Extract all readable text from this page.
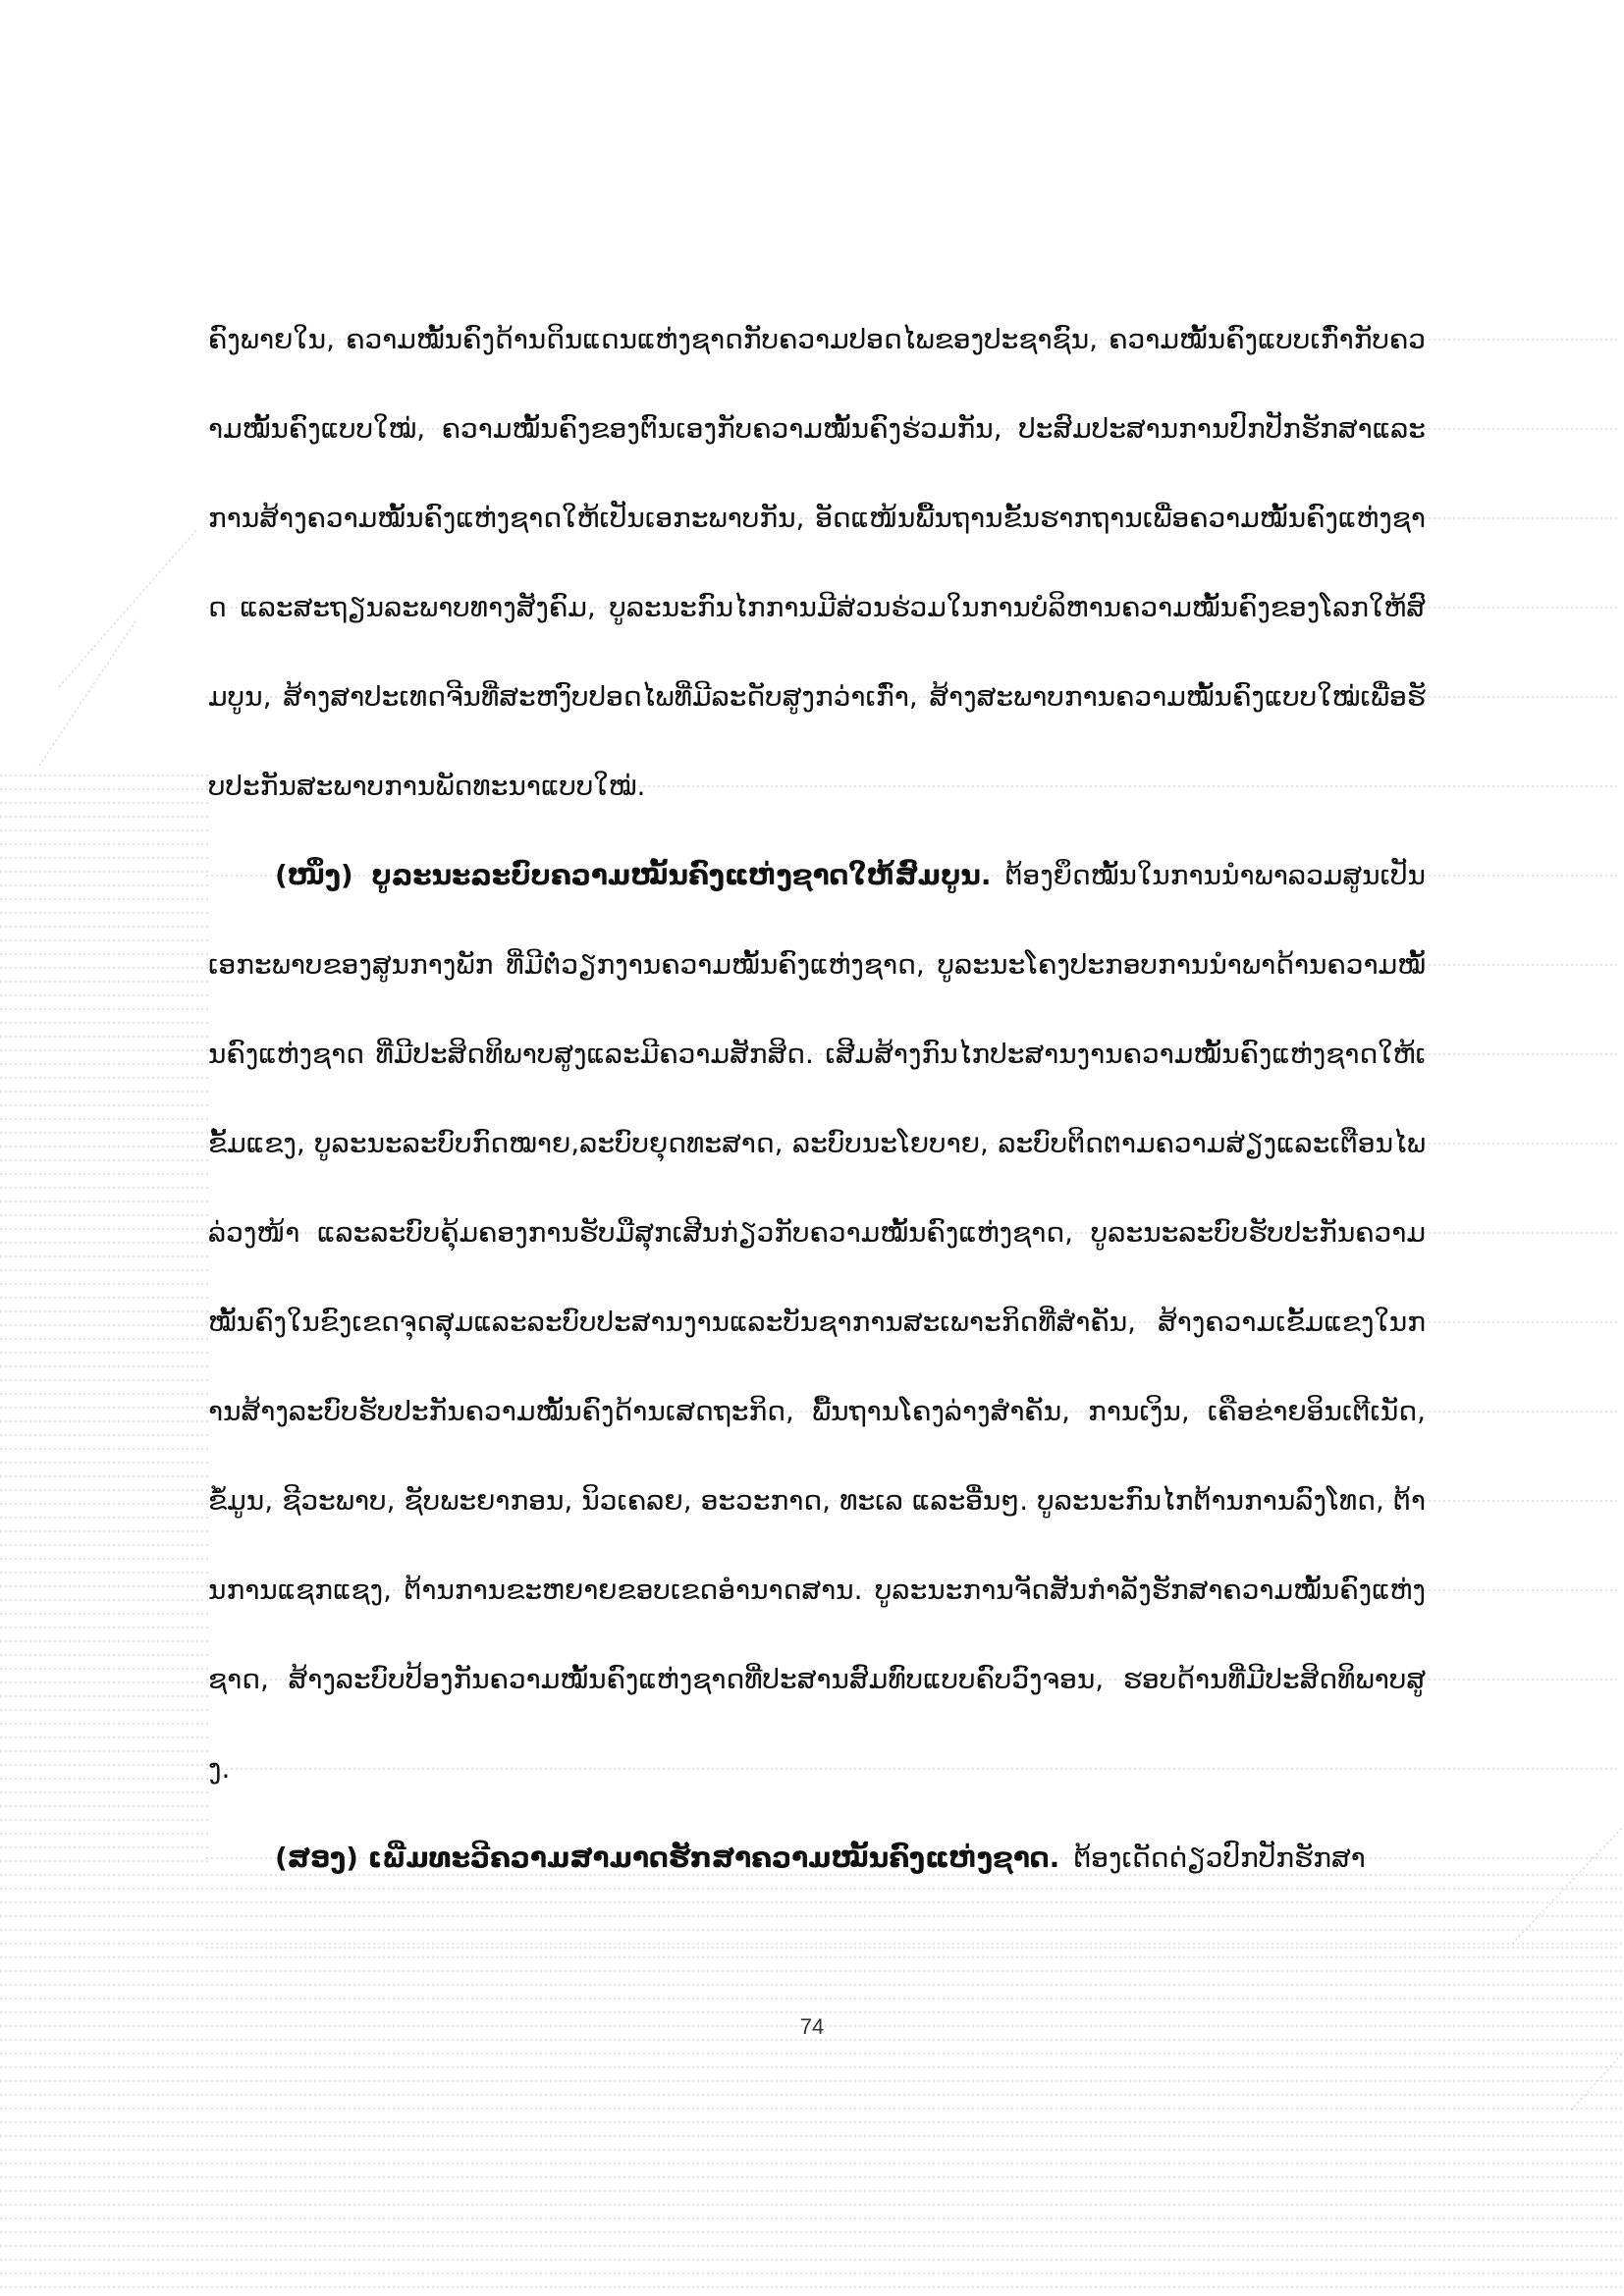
ຄົງພາຍໃນ, ຄວາມໝັ້ນຄົງດ້ານດິນແດນແຫ່ງຊາດກັບຄວາມປອດໄພຂອງປະຊາຊົນ, ຄວາມໝັ້ນຄົງແບບເກົ່າກັບຄວາມໝັ້ນຄົງແບບໃໝ່, ຄວາມໝັ້ນຄົງຂອງຕົນເອງກັບຄວາມໝັ້ນຄົງຮ່ວມກັນ, ປະສົມປະສານການປົກປັກຮັກສາແລະການສ້າງຄວາມໝັ້ນຄົງແຫ່ງຊາດໃຫ້ເປັນເອກະພາບກັນ, ອັດແໜ້ນພື້ນຖານຂັ້ນຮາກຖານເພື່ອຄວາມໝັ້ນຄົງແຫ່ງຊາດ ແລະສະຖຽນລະພາບທາງສັງຄົມ, ບູລະນະກົນໄກການມີສ່ວນຮ່ວມໃນການບໍລິຫານຄວາມໝັ້ນຄົງຂອງໂລກໃຫ້ສົມບູນ, ສ້າງສາປະເທດຈີນທີ່ສະຫງົບປອດໄພທີ່ມີລະດັບສູງກວ່າເກົ່າ, ສ້າງສະພາບການຄວາມໝັ້ນຄົງແບບໃໝ່ເພື່ອຮັບປະກັນສະພາບການພັດທະນາແບບໃໝ່.

(ໜຶ່ງ) ບູລະນະລະບົບຄວາມໝັ້ນຄົງແຫ່ງຊາດໃຫ້ສົມບູນ. ຕ້ອງຍຶດໝັ້ນໃນການນຳພາລວມສູນເປັນເອກະພາບຂອງສູນກາງພັກ ທີ່ມີຕໍ່ວຽກງານຄວາມໝັ້ນຄົງແຫ່ງຊາດ, ບູລະນະໂຄງປະກອບການນຳພາດ້ານຄວາມໝັ້ນຄົງແຫ່ງຊາດ ທີ່ມີປະສິດທິພາບສູງແລະມີຄວາມສັກສິດ. ເສີມສ້າງກົນໄກປະສານງານຄວາມໝັ້ນຄົງແຫ່ງຊາດໃຫ້ເຂັ້ມແຂງ, ບູລະນະລະບົບກົດໝາຍ,ລະບົບຍຸດທະສາດ, ລະບົບນະໂຍບາຍ, ລະບົບຕິດຕາມຄວາມສ່ຽງແລະເຕືອນໄພລ່ວງໜ້າ ແລະລະບົບຄຸ້ມຄອງການຮັບມືສຸກເສີນກ່ຽວກັບຄວາມໝັ້ນຄົງແຫ່ງຊາດ, ບູລະນະລະບົບຮັບປະກັນຄວາມໝັ້ນຄົງໃນຂົງເຂດຈຸດສຸມແລະລະບົບປະສານງານແລະບັນຊາການສະເພາະກິດທີ່ສຳຄັນ, ສ້າງຄວາມເຂັ້ມແຂງໃນການສ້າງລະບົບຮັບປະກັນຄວາມໝັ້ນຄົງດ້ານເສດຖະກິດ, ພື້ນຖານໂຄງລ່າງສຳຄັນ, ການເງິນ, ເຄືອຂ່າຍອິນເຕີເນັດ, ຂໍ້ມູນ, ຊີວະພາບ, ຊັບພະຍາກອນ, ນິວເຄລຍ, ອະວະກາດ, ທະເລ ແລະອື່ນໆ. ບູລະນະກົນໄກຕ້ານການລົງໂທດ, ຕ້ານການແຊກແຊງ, ຕ້ານການຂະຫຍາຍຂອບເຂດອຳນາດສານ. ບູລະນະການຈັດສັນກຳລັງຮັກສາຄວາມໝັ້ນຄົງແຫ່ງຊາດ, ສ້າງລະບົບປ້ອງກັນຄວາມໝັ້ນຄົງແຫ່ງຊາດທີ່ປະສານສົມທົບແບບຄົບວົງຈອນ, ຮອບດ້ານທີ່ມີປະສິດທິພາບສູງ.

(ສອງ) ເພີ່ມທະວີຄວາມສາມາດຮັກສາຄວາມໝັ້ນຄົງແຫ່ງຊາດ. ຕ້ອງເດັດດ່ຽວປົກປັກຮັກສາ

74
